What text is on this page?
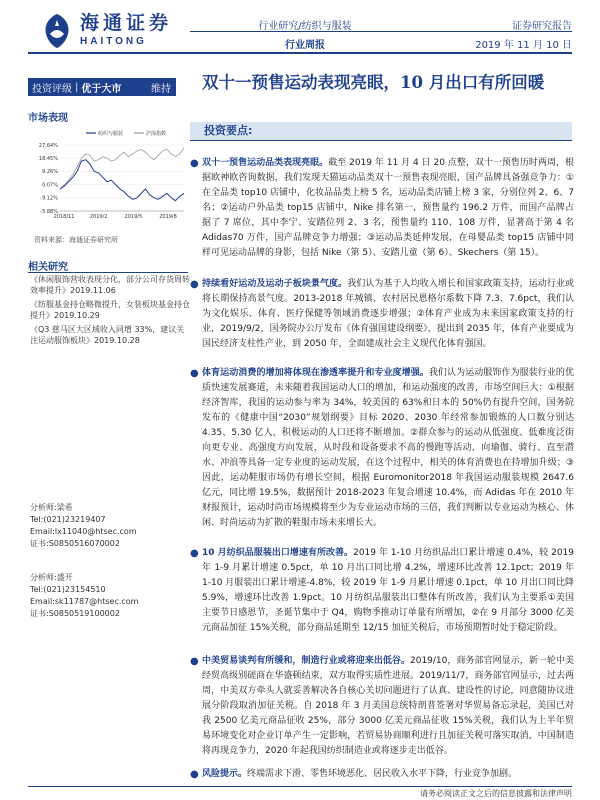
海通证券
HAITONG
行业研究/纺织与服装
行业周报
证券研究报告
2019 年 11 月 10 日
投资评级 | 优于大市	维持	双十一预售运动表现亮眼，10 月出口有所回暖
市场表现
纺织与服装	沪深指数
27.64%
18.45%
9.26%
0.07%
-9.12%
-5.88%
2018/11	2019/2	2019/5	2019/8
资料来源：海通证券研究所
相关研究
《休闲服饰营收表现分化，部分公司存货周转效率提升》2019.11.06
《纺服基金持仓略微提升，女装板块基金持仓提升》2019.10.29
《Q3 慈马区大区域收入同增 33%，建议关注运动服饰板块》2019.10.28
分析师:梁希
Tel:(021)23219407
Email:lx11040@htsec.com
证书:S0850516070002
分析师:盛开
Tel:(021)23154510
Email:sk11787@htsec.com
证书:S0850519100002
投资要点:
● 双十一预售运动品类表现亮眼。截至 2019 年 11 月 4 日 20 点整，双十一预售历时两周，根据欧神欧咨询数据，我们发现天猫运动品类双十一预售表现亮眼，国产品牌具备强竞争力：①在全品类 top10 店铺中，化妆品品类上榜 5 名，运动品类店铺上榜 3 家，分别位列 2、6、7 名；②运动户外品类 top15 店铺中，Nike 排名第一，预售量约 196.2 万件，而国产品牌占据了 7 席位，其中李宁、安踏位列 2、3 名，预售量约 110、108 万件，显著高于第 4 名 Adidas70 万件，国产品牌竞争力增强；③运动品类延伸发展，在母婴品类 top15 店铺中同样可见运动品牌的身影，包括 Nike（第 5）、安踏儿童（第 6）、Skechers（第 15）。
● 持续看好运动及运动子板块景气度。我们认为基于人均收入增长和国家政策支持，运动行业或将长期保持高景气度。2013-2018 年城镇、农村居民恩格尔系数下降 7.3、7.6pct，我们认为文化娱乐、体育、医疗保健等领域消费逐步增强；②体育产业成为未来国家政策支持的行业，2019/9/2，国务院办公厅发布《体育强国建设纲要》，提出到 2035 年，体育产业要成为国民经济支柱性产业，到 2050 年，全面建成社会主义现代化体育强国。
● 体育运动消费的增加将体现在渗透率提升和专业度增强。我们认为运动服饰作为服装行业的优质快速发展赛道，未来随着我国运动人口的增加，和运动强度的改善，市场空间巨大：①根据经济智库，我国的运动参与率为 34%，较美国的 63%和日本的 50%仍有提升空间，国务院发布的《健康中国“2030”规划纲要》目标 2020、2030 年经常参加锻炼的人口数分别达 4.35、5.30 亿人，积极运动的人口还将不断增加。②群众参与的运动从低强度、低难度泛街向更专业、高强度方向发展，从时段和设备要求不高的慢跑等活动，向瑜伽、骑行、直至潜水、冲浪等具备一定专业度的运动发展，在这个过程中，相关的体育消费也在持增加升级；③因此，运动鞋服市场仍有增长空间，根据 Euromonitor2018 年我国运动服装规模 2647.6 亿元，同比增 19.5%，数据预计 2018-2023 年复合增速 10.4%，而 Adidas 年在 2010 年财报预计，运动时尚市场规模将至少为专业运动市场的三倍，我们判断以专业运动为核心、休闲、时尚运动为扩散的鞋服市场未来增长大。
● 10 月纺织品服装出口增速有所改善。2019 年 1-10 月纺织品出口累计增速 0.4%，较 2019 年 1-9 月累计增速 0.5pct，单 10 月出口同比增 4.2%，增速环比改善 12.1pct；2019 年 1-10 月服装出口累计增速-4.8%，较 2019 年 1-9 月累计增速 0.1pct，单 10 月出口同比降 5.9%，增速环比改善 1.9pct。10 月纺织品服装出口整体有所改善，我们认为主要系①美国主要节日感恩节，圣诞节集中于 Q4，购物季推动订单量有所增加，②在 9 月部分 3000 亿美元商品加征 15%关税，部分商品延期至 12/15 加征关税后，市场预期暂时处于稳定阶段。
● 中美贸易谈判有所缓和，制造行业或将迎来出低谷。2019/10，商务部官网显示，新一轮中美经贸高级别磋商在华盛顿结束，双方取得实质性进展。2019/11/7，商务部官网显示，过去两周，中美双方牵头人就妥善解决各自核心关切问题进行了认真、建设性的讨论，同意随协议进展分阶段取消加征关税。自 2018 年 3 月美国总统特朗普签署对华贸易备忘录起，美国已对我 2500 亿美元商品征收 25%，部分 3000 亿美元商品征收 15%关税，我们认为上半年贸易环境变化对企业订单产生一定影响，若贸易协商顺利进行且加征关税可落实取消，中国制造将再现竞争力，2020 年起我国纺织制造业或将逐步走出低谷。
● 风险提示。终端需求下滑、零售环境恶化、居民收入水平下降，行业竞争加剧。
请务必阅读正文之后的信息披露和法律声明
